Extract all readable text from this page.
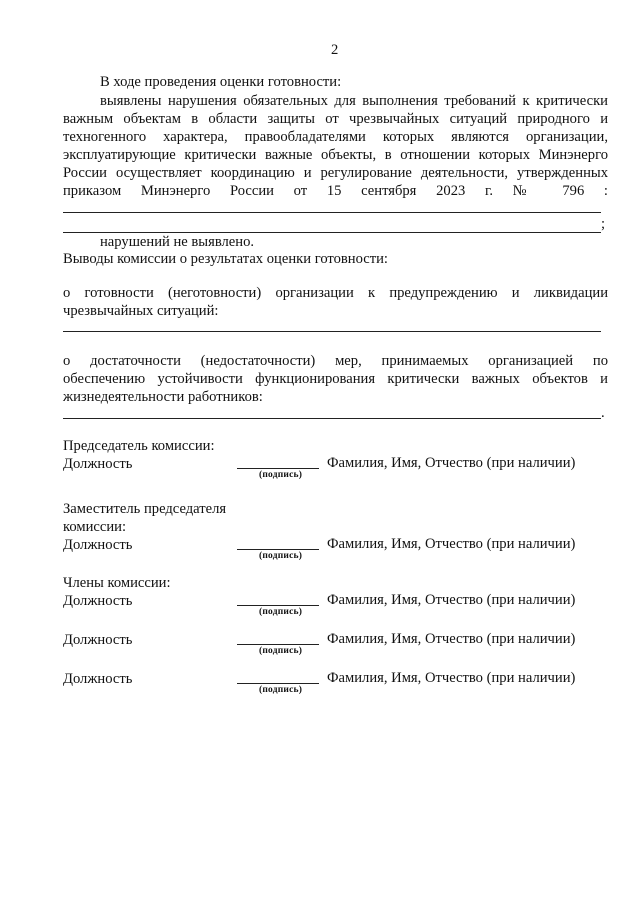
2
В ходе проведения оценки готовности:
выявлены нарушения обязательных для выполнения требований к критически
важным объектам в области защиты от чрезвычайных ситуаций природного и
техногенного характера, правообладателями которых являются организации,
эксплуатирующие критически важные объекты, в отношении которых Минэнерго
России осуществляет координацию и регулирование деятельности, утвержденных
приказом Минэнерго России от 15 сентября 2023 г. № 796 :
;
нарушений не выявлено.
Выводы комиссии о результатах оценки готовности:
о готовности (неготовности) организации к предупреждению и ликвидации
чрезвычайных ситуаций:
о достаточности (недостаточности) мер, принимаемых организацией по
обеспечению устойчивости функционирования критически важных объектов и
жизнедеятельности работников:
.
Председатель комиссии:
Должность
(подпись)
Фамилия, Имя, Отчество (при наличии)
Заместитель председателя
комиссии:
Должность
(подпись)
Фамилия, Имя, Отчество (при наличии)
Члены комиссии:
Должность
(подпись)
Фамилия, Имя, Отчество (при наличии)
Должность
(подпись)
Фамилия, Имя, Отчество (при наличии)
Должность
(подпись)
Фамилия, Имя, Отчество (при наличии)
